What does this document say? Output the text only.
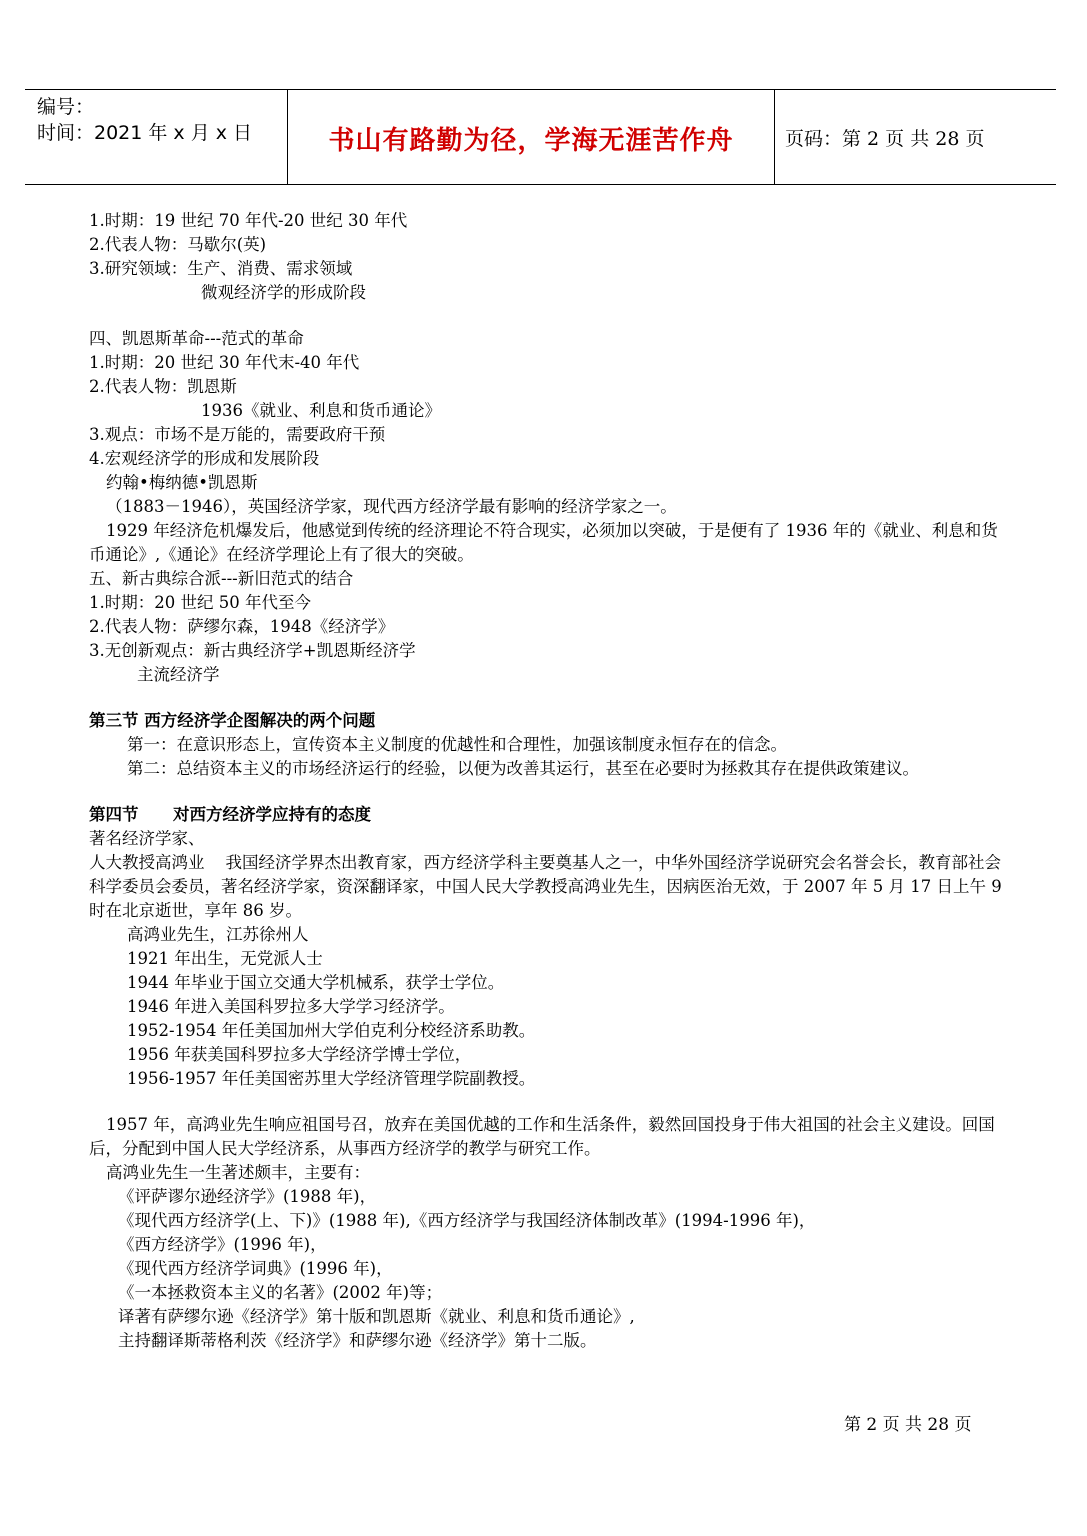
编号：
时间：2021 年 x 月 x 日	书山有路勤为径，学海无涯苦作舟	页码：第 2 页 共 28 页

1.时期：19 世纪 70 年代-20 世纪 30 年代

2.代表人物：马歇尔(英)

3.研究领域：生产、消费、需求领域

微观经济学的形成阶段

四、凯恩斯革命---范式的革命

1.时期：20 世纪 30 年代末-40 年代

2.代表人物：凯恩斯

1936《就业、利息和货币通论》

3.观点：市场不是万能的，需要政府干预

4.宏观经济学的形成和发展阶段

约翰•梅纳德•凯恩斯

（1883－1946），英国经济学家，现代西方经济学最有影响的经济学家之一。

1929 年经济危机爆发后，他感觉到传统的经济理论不符合现实，必须加以突破，于是便有了 1936 年的《就业、利息和货币通论》,《通论》在经济学理论上有了很大的突破。

五、新古典综合派---新旧范式的结合

1.时期：20 世纪 50 年代至今

2.代表人物：萨缪尔森，1948《经济学》

3.无创新观点：新古典经济学+凯恩斯经济学

主流经济学

第三节 西方经济学企图解决的两个问题

第一：在意识形态上，宣传资本主义制度的优越性和合理性，加强该制度永恒存在的信念。

第二：总结资本主义的市场经济运行的经验，以便为改善其运行，甚至在必要时为拯救其存在提供政策建议。

第四节      对西方经济学应持有的态度

著名经济学家、

人大教授高鸿业    我国经济学界杰出教育家，西方经济学科主要奠基人之一，中华外国经济学说研究会名誉会长，教育部社会科学委员会委员，著名经济学家，资深翻译家，中国人民大学教授高鸿业先生，因病医治无效，于 2007 年 5 月 17 日上午 9 时在北京逝世，享年 86 岁。

高鸿业先生，江苏徐州人

1921 年出生，无党派人士

1944 年毕业于国立交通大学机械系，获学士学位。

1946 年进入美国科罗拉多大学学习经济学。

1952-1954 年任美国加州大学伯克利分校经济系助教。

1956 年获美国科罗拉多大学经济学博士学位，

1956-1957 年任美国密苏里大学经济管理学院副教授。

1957 年，高鸿业先生响应祖国号召，放弃在美国优越的工作和生活条件，毅然回国投身于伟大祖国的社会主义建设。回国后，分配到中国人民大学经济系，从事西方经济学的教学与研究工作。

高鸿业先生一生著述颇丰，主要有：

《评萨谬尔逊经济学》(1988 年)，

《现代西方经济学(上、下)》(1988 年),《西方经济学与我国经济体制改革》(1994-1996 年)，

《西方经济学》(1996 年)，

《现代西方经济学词典》(1996 年)，

《一本拯救资本主义的名著》(2002 年)等；

译著有萨缪尔逊《经济学》第十版和凯恩斯《就业、利息和货币通论》,

主持翻译斯蒂格利茨《经济学》和萨缪尔逊《经济学》第十二版。

第 2 页 共 28 页
